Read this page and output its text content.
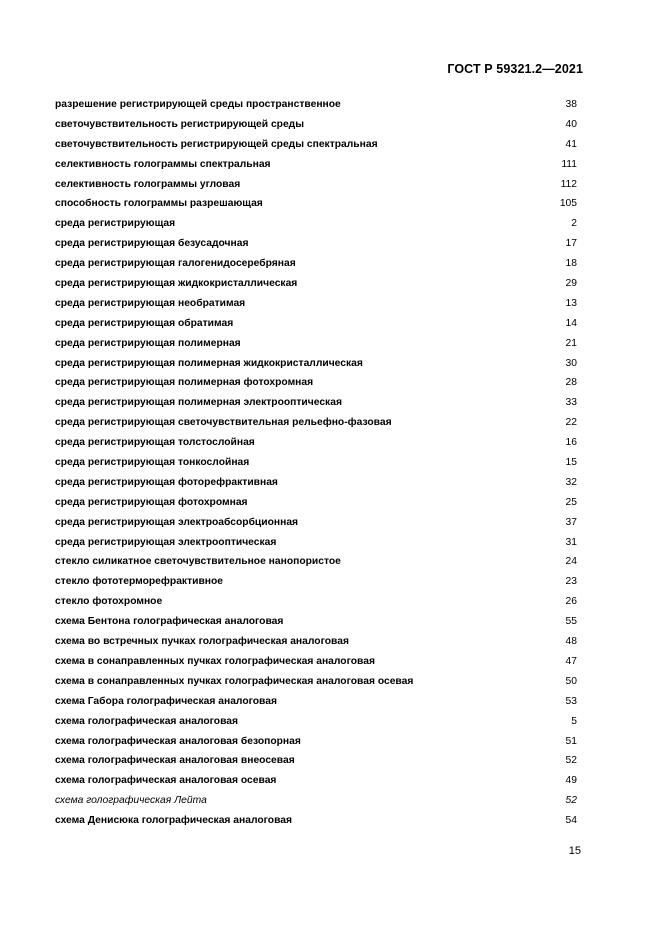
ГОСТ Р 59321.2—2021
разрешение регистрирующей среды пространственное	38
светочувствительность регистрирующей среды	40
светочувствительность регистрирующей среды спектральная	41
селективность голограммы спектральная	111
селективность голограммы угловая	112
способность голограммы разрешающая	105
среда регистрирующая	2
среда регистрирующая безусадочная	17
среда регистрирующая галогенидосеребряная	18
среда регистрирующая жидкокристаллическая	29
среда регистрирующая необратимая	13
среда регистрирующая обратимая	14
среда регистрирующая полимерная	21
среда регистрирующая полимерная жидкокристаллическая	30
среда регистрирующая полимерная фотохромная	28
среда регистрирующая полимерная электрооптическая	33
среда регистрирующая светочувствительная рельефно-фазовая	22
среда регистрирующая толстослойная	16
среда регистрирующая тонкослойная	15
среда регистрирующая фоторефрактивная	32
среда регистрирующая фотохромная	25
среда регистрирующая электроабсорбционная	37
среда регистрирующая электрооптическая	31
стекло силикатное светочувствительное нанопористое	24
стекло фототерморефрактивное	23
стекло фотохромное	26
схема Бентона голографическая аналоговая	55
схема во встречных пучках голографическая аналоговая	48
схема в сонаправленных пучках голографическая аналоговая	47
схема в сонаправленных пучках голографическая аналоговая осевая	50
схема Габора голографическая аналоговая	53
схема голографическая аналоговая	5
схема голографическая аналоговая безопорная	51
схема голографическая аналоговая внеосевая	52
схема голографическая аналоговая осевая	49
схема голографическая Лейта	52
схема Денисюка голографическая аналоговая	54
15
